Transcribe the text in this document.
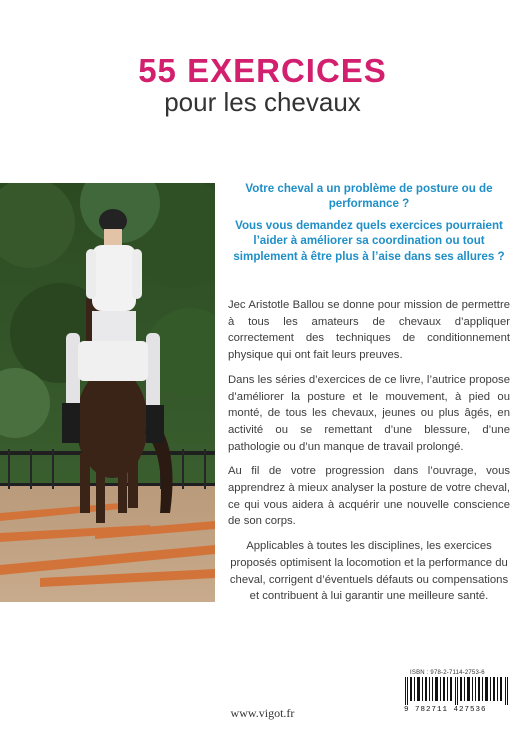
55 EXERCICES
pour les chevaux

Votre cheval a un problème de posture ou de performance ?

Vous vous demandez quels exercices pourraient l’aider à améliorer sa coordination ou tout simplement à être plus à l’aise dans ses allures ?

Jec Aristotle Ballou se donne pour mission de permettre à tous les amateurs de chevaux d’appliquer correctement des techniques de conditionnement physique qui ont fait leurs preuves.

Dans les séries d’exercices de ce livre, l’autrice propose d’améliorer la posture et le mouvement, à pied ou monté, de tous les chevaux, jeunes ou plus âgés, en activité ou se remettant d’une blessure, d’une pathologie ou d’un manque de travail prolongé.

Au fil de votre progression dans l’ouvrage, vous apprendrez à mieux analyser la posture de votre cheval, ce qui vous aidera à acquérir une nouvelle conscience de son corps.

Applicables à toutes les disciplines, les exercices proposés optimisent la locomotion et la performance du cheval, corrigent d’éventuels défauts ou compensations et contribuent à lui garantir une meilleure santé.

ISBN : 978-2-7114-2753-6
9 782711 427536
www.vigot.fr
